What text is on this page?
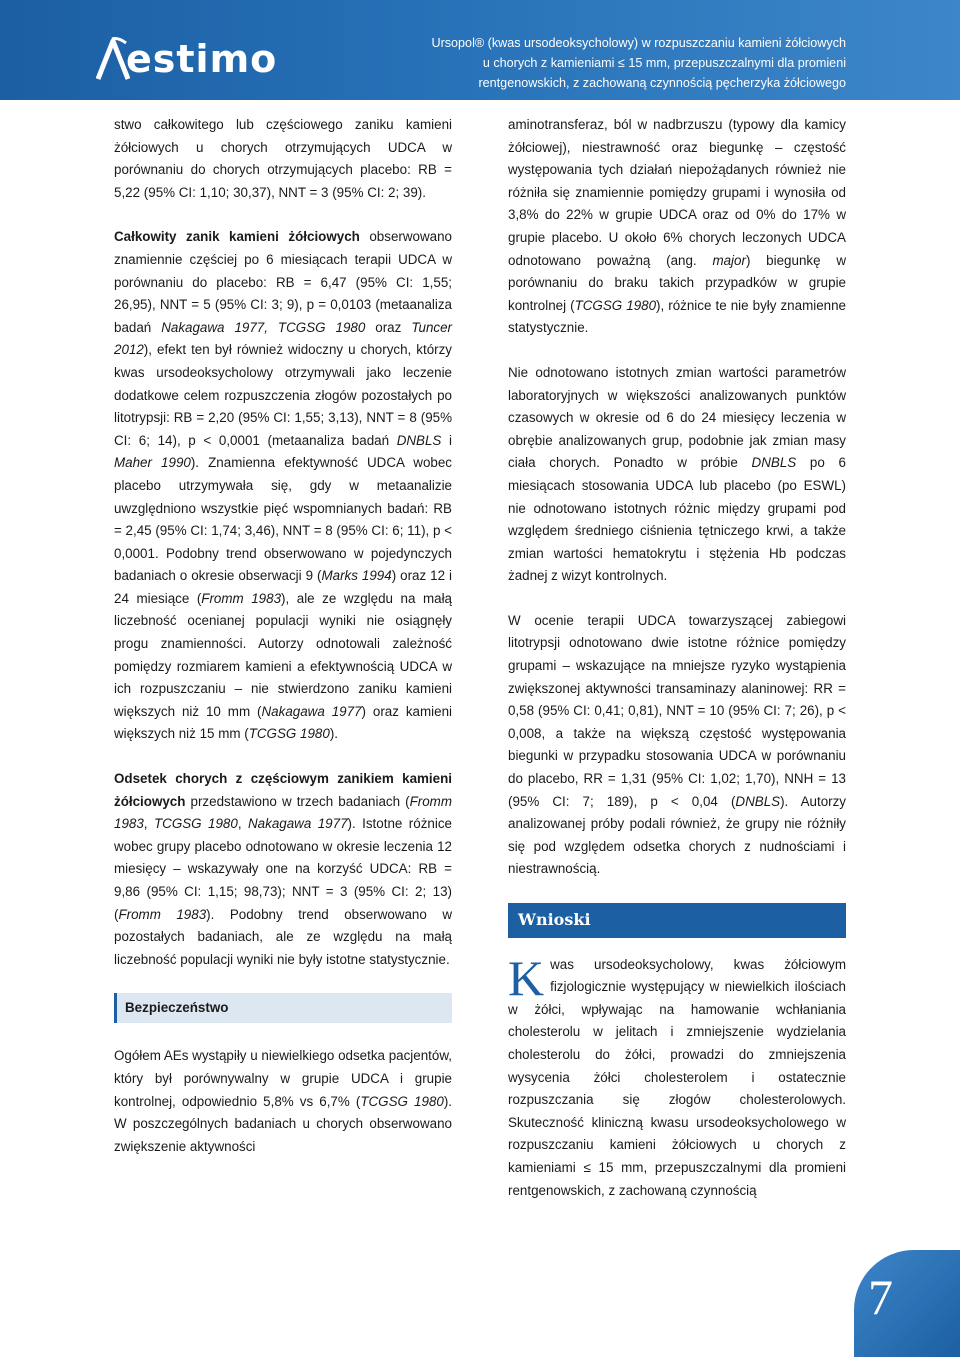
estimo	Ursopol® (kwas ursodeoksycholowy) w rozpuszczaniu kamieni żółciowych
u chorych z kamieniami ≤ 15 mm, przepuszczalnymi dla promieni
rentgenowskich, z zachowaną czynnością pęcherzyka żółciowego

stwo całkowitego lub częściowego zaniku kamieni żółciowych u chorych otrzymujących UDCA w porównaniu do chorych otrzymujących placebo: RB = 5,22 (95% CI: 1,10; 30,37), NNT = 3 (95% CI: 2; 39).

Całkowity zanik kamieni żółciowych obserwowano znamiennie częściej po 6 miesiącach terapii UDCA w porównaniu do placebo: RB = 6,47 (95% CI: 1,55; 26,95), NNT = 5 (95% CI: 3; 9), p = 0,0103 (metaanaliza badań Nakagawa 1977, TCGSG 1980 oraz Tuncer 2012), efekt ten był również widoczny u chorych, którzy kwas ursodeoksycholowy otrzymywali jako leczenie dodatkowe celem rozpuszczenia złogów pozostałych po litotrypsji: RB = 2,20 (95% CI: 1,55; 3,13), NNT = 8 (95% CI: 6; 14), p < 0,0001 (metaanaliza badań DNBLS i Maher 1990). Znamienna efektywność UDCA wobec placebo utrzymywała się, gdy w metaanalizie uwzględniono wszystkie pięć wspomnianych badań: RB = 2,45 (95% CI: 1,74; 3,46), NNT = 8 (95% CI: 6; 11), p < 0,0001. Podobny trend obserwowano w pojedynczych badaniach o okresie obserwacji 9 (Marks 1994) oraz 12 i 24 miesiące (Fromm 1983), ale ze względu na małą liczebność ocenianej populacji wyniki nie osiągnęły progu znamienności. Autorzy odnotowali zależność pomiędzy rozmiarem kamieni a efektywnością UDCA w ich rozpuszczaniu – nie stwierdzono zaniku kamieni większych niż 10 mm (Nakagawa 1977) oraz kamieni większych niż 15 mm (TCGSG 1980).

Odsetek chorych z częściowym zanikiem kamieni żółciowych przedstawiono w trzech badaniach (Fromm 1983, TCGSG 1980, Nakagawa 1977). Istotne różnice wobec grupy placebo odnotowano w okresie leczenia 12 miesięcy – wskazywały one na korzyść UDCA: RB = 9,86 (95% CI: 1,15; 98,73); NNT = 3 (95% CI: 2; 13) (Fromm 1983). Podobny trend obserwowano w pozostałych badaniach, ale ze względu na małą liczebność populacji wyniki nie były istotne statystycznie.

Bezpieczeństwo

Ogółem AEs wystąpiły u niewielkiego odsetka pacjentów, który był porównywalny w grupie UDCA i grupie kontrolnej, odpowiednio 5,8% vs 6,7% (TCGSG 1980). W poszczególnych badaniach u chorych obserwowano zwiększenie aktywności

aminotransferaz, ból w nadbrzuszu (typowy dla kamicy żółciowej), niestrawność oraz biegunkę – częstość występowania tych działań niepożądanych również nie różniła się znamiennie pomiędzy grupami i wynosiła od 3,8% do 22% w grupie UDCA oraz od 0% do 17% w grupie placebo. U około 6% chorych leczonych UDCA odnotowano poważną (ang. major) biegunkę w porównaniu do braku takich przypadków w grupie kontrolnej (TCGSG 1980), różnice te nie były znamienne statystycznie.

Nie odnotowano istotnych zmian wartości parametrów laboratoryjnych w większości analizowanych punktów czasowych w okresie od 6 do 24 miesięcy leczenia w obrębie analizowanych grup, podobnie jak zmian masy ciała chorych. Ponadto w próbie DNBLS po 6 miesiącach stosowania UDCA lub placebo (po ESWL) nie odnotowano istotnych różnic między grupami pod względem średniego ciśnienia tętniczego krwi, a także zmian wartości hematokrytu i stężenia Hb podczas żadnej z wizyt kontrolnych.

W ocenie terapii UDCA towarzyszącej zabiegowi litotrypsji odnotowano dwie istotne różnice pomiędzy grupami – wskazujące na mniejsze ryzyko wystąpienia zwiększonej aktywności transaminazy alaninowej: RR = 0,58 (95% CI: 0,41; 0,81), NNT = 10 (95% CI: 7; 26), p < 0,008, a także na większą częstość występowania biegunki w przypadku stosowania UDCA w porównaniu do placebo, RR = 1,31 (95% CI: 1,02; 1,70), NNH = 13 (95% CI: 7; 189), p < 0,04 (DNBLS). Autorzy analizowanej próby podali również, że grupy nie różniły się pod względem odsetka chorych z nudnościami i niestrawnością.

Wnioski

Kwas ursodeoksycholowy, kwas żółciowym fizjologicznie występujący w niewielkich ilościach w żółci, wpływając na hamowanie wchłaniania cholesterolu w jelitach i zmniejszenie wydzielania cholesterolu do żółci, prowadzi do zmniejszenia wysycenia żółci cholesterolem i ostatecznie rozpuszczania się złogów cholesterolowych. Skuteczność kliniczną kwasu ursodeoksycholowego w rozpuszczaniu kamieni żółciowych u chorych z kamieniami ≤ 15 mm, przepuszczalnymi dla promieni rentgenowskich, z zachowaną czynnością

7
